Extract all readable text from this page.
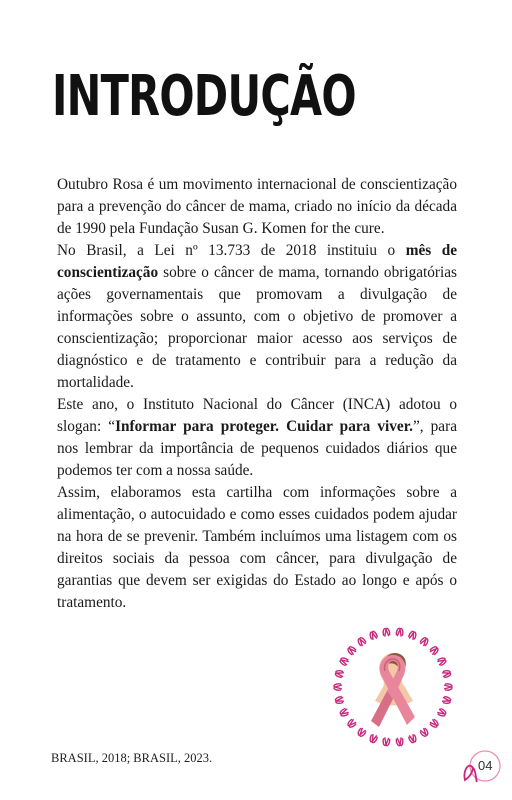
INTRODUÇÃO

Outubro Rosa é um movimento internacional de conscientização para a prevenção do câncer de mama, criado no início da década de 1990 pela Fundação Susan G. Komen for the cure.

No Brasil, a Lei nº 13.733 de 2018 instituiu o mês de conscientização sobre o câncer de mama, tornando obrigatórias ações governamentais que promovam a divulgação de informações sobre o assunto, com o objetivo de promover a conscientização; proporcionar maior acesso aos serviços de diagnóstico e de tratamento e contribuir para a redução da mortalidade.

Este ano, o Instituto Nacional do Câncer (INCA) adotou o slogan: “Informar para proteger. Cuidar para viver.”, para nos lembrar da importância de pequenos cuidados diários que podemos ter com a nossa saúde.

Assim, elaboramos esta cartilha com informações sobre a alimentação, o autocuidado e como esses cuidados podem ajudar na hora de se prevenir. Também incluímos uma listagem com os direitos sociais da pessoa com câncer, para divulgação de garantias que devem ser exigidas do Estado ao longo e após o tratamento.

BRASIL, 2018; BRASIL, 2023.	04
